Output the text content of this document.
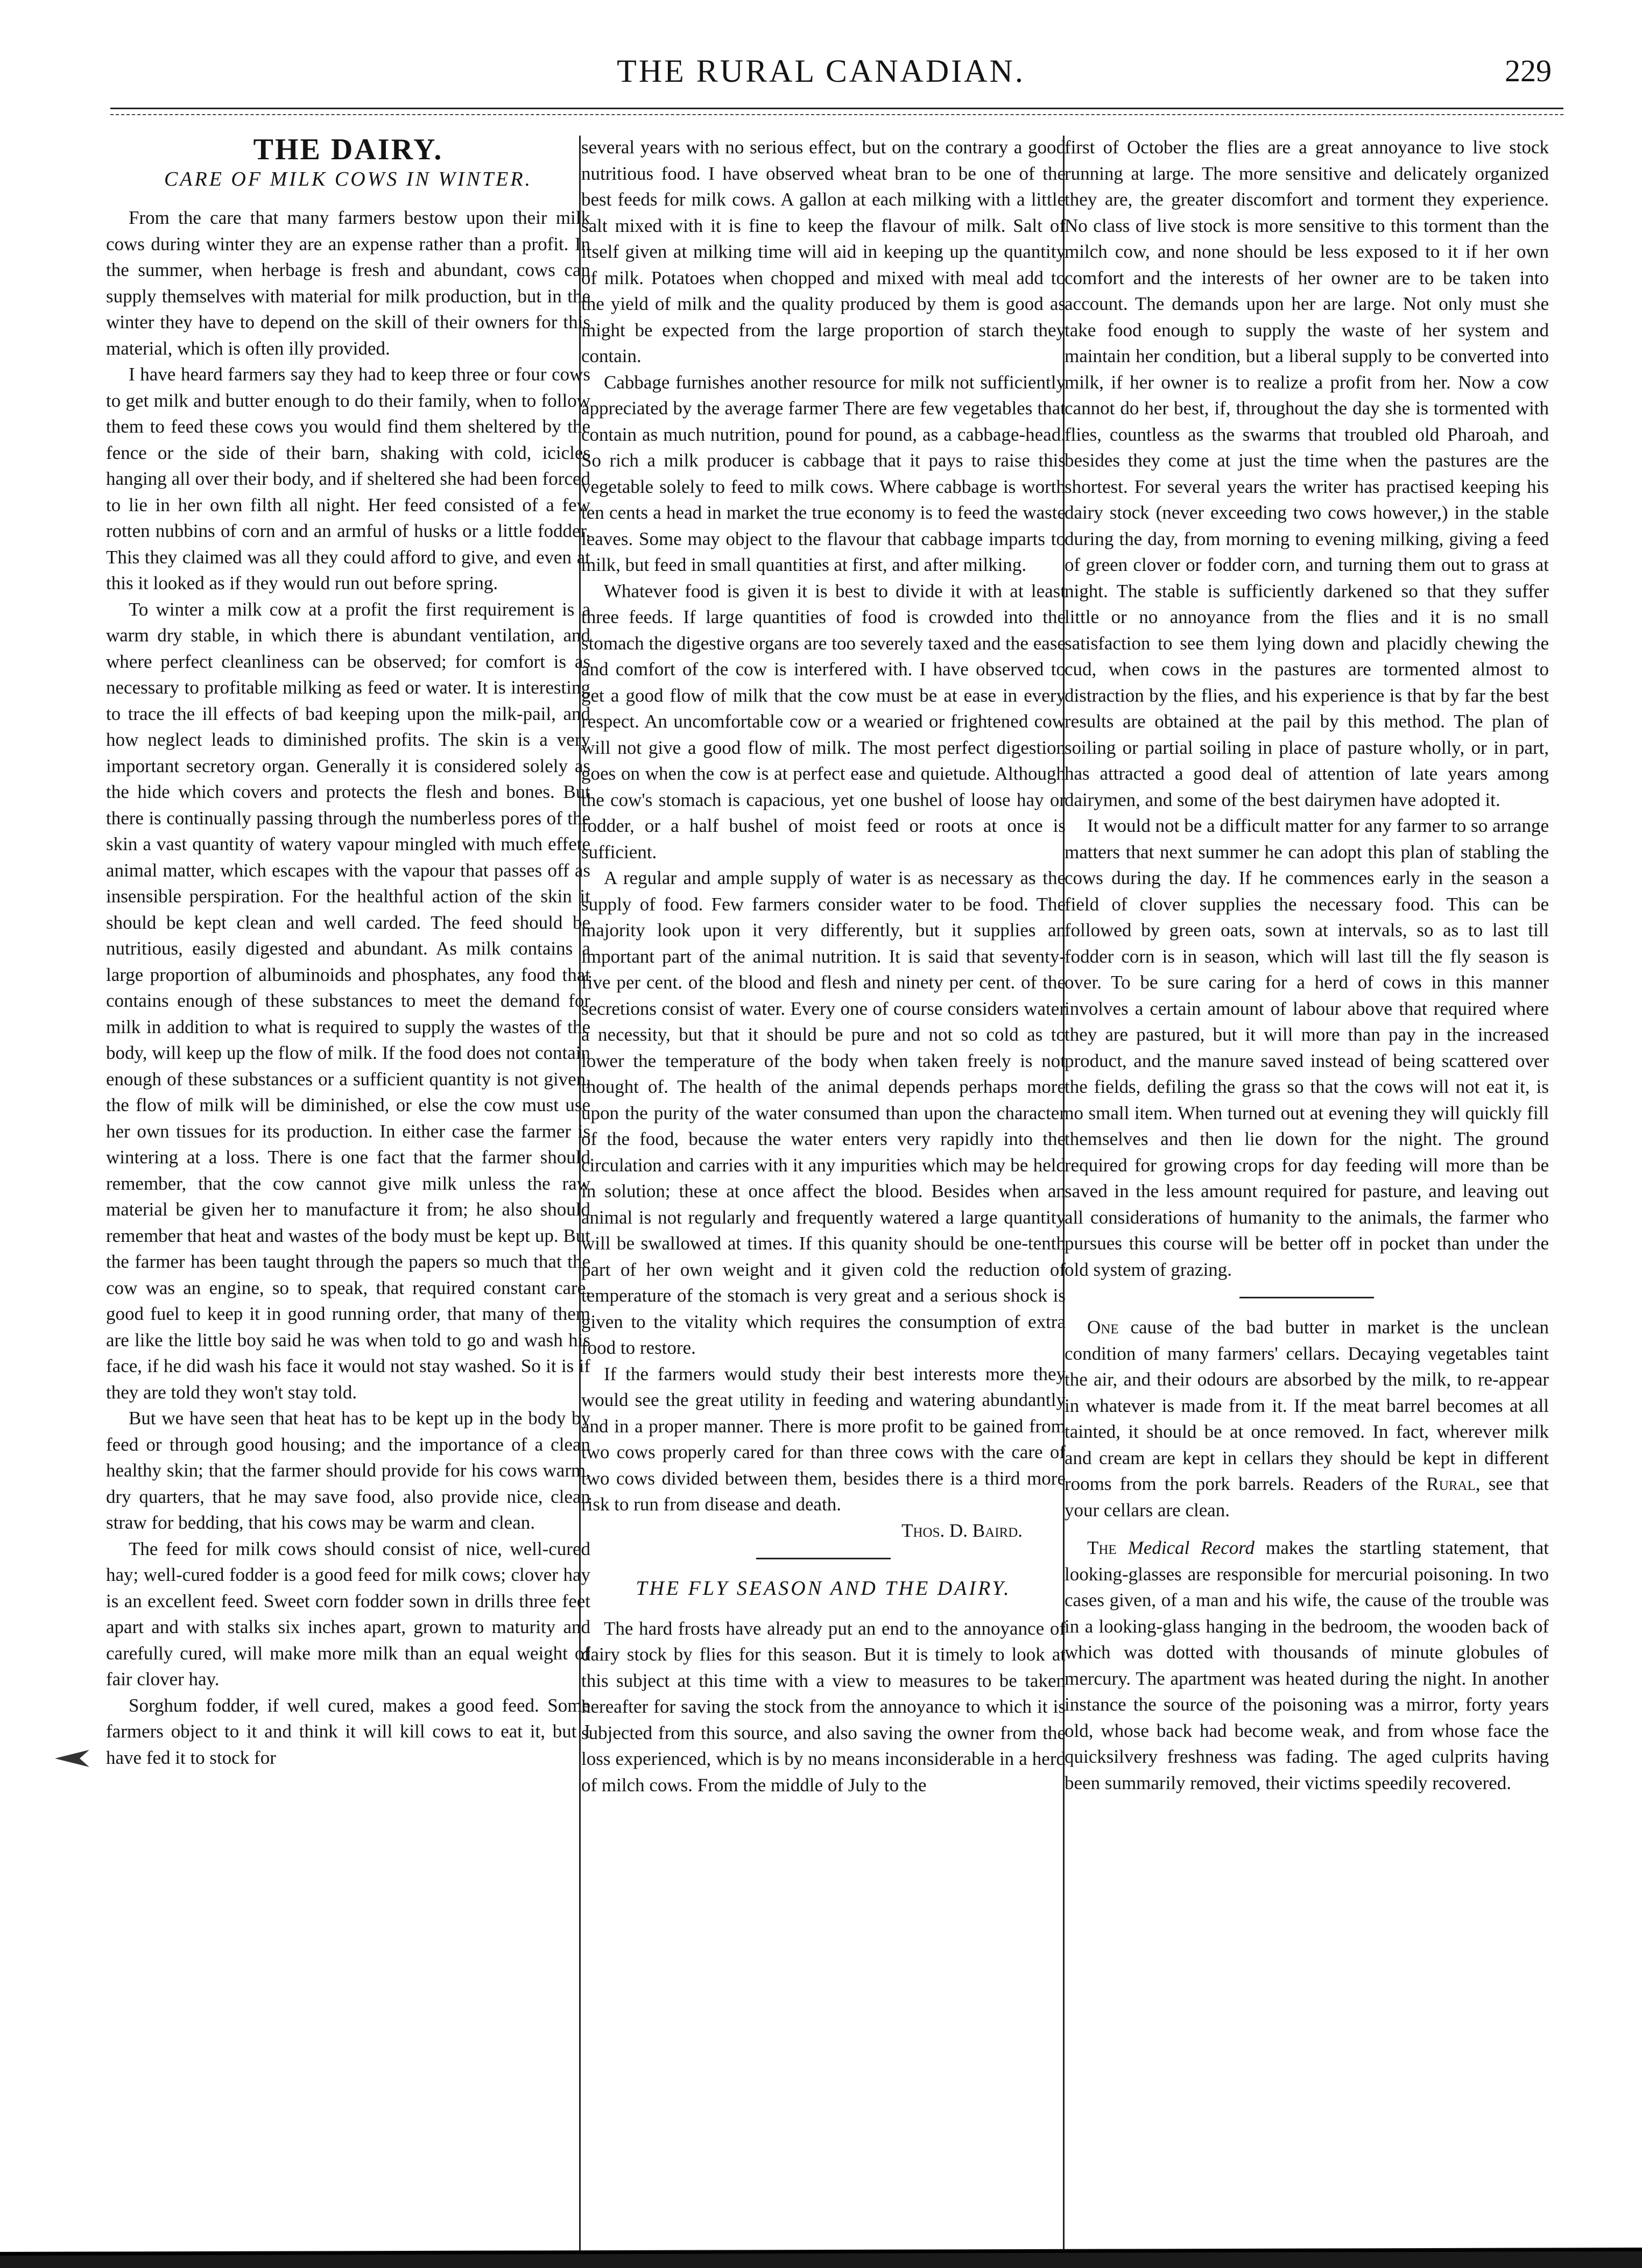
THE RURAL CANADIAN.	229
THE DAIRY.
CARE OF MILK COWS IN WINTER.

From the care that many farmers bestow upon their milk cows during winter they are an expense rather than a profit. In the summer, when herbage is fresh and abundant, cows can supply themselves with material for milk production, but in the winter they have to depend on the skill of their owners for this material, which is often illy provided.

I have heard farmers say they had to keep three or four cows to get milk and butter enough to do their family, when to follow them to feed these cows you would find them sheltered by the fence or the side of their barn, shaking with cold, icicles hanging all over their body, and if sheltered she had been forced to lie in her own filth all night. Her feed consisted of a few rotten nubbins of corn and an armful of husks or a little fodder. This they claimed was all they could afford to give, and even at this it looked as if they would run out before spring.

To winter a milk cow at a profit the first requirement is a warm dry stable, in which there is abundant ventilation, and where perfect cleanliness can be observed; for comfort is as necessary to profitable milking as feed or water. It is interesting to trace the ill effects of bad keeping upon the milk-pail, and how neglect leads to diminished profits. The skin is a very important secretory organ. Generally it is considered solely as the hide which covers and protects the flesh and bones. But there is continually passing through the numberless pores of the skin a vast quantity of watery vapour mingled with much effete animal matter, which escapes with the vapour that passes off as insensible perspiration. For the healthful action of the skin it should be kept clean and well carded. The feed should be nutritious, easily digested and abundant. As milk contains a large proportion of albuminoids and phosphates, any food that contains enough of these substances to meet the demand for milk in addition to what is required to supply the wastes of the body, will keep up the flow of milk. If the food does not contain enough of these substances or a sufficient quantity is not given, the flow of milk will be diminished, or else the cow must use her own tissues for its production. In either case the farmer is wintering at a loss. There is one fact that the farmer should remember, that the cow cannot give milk unless the raw material be given her to manufacture it from; he also should remember that heat and wastes of the body must be kept up. But the farmer has been taught through the papers so much that the cow was an engine, so to speak, that required constant care, good fuel to keep it in good running order, that many of them are like the little boy said he was when told to go and wash his face, if he did wash his face it would not stay washed. So it is if they are told they won't stay told.

But we have seen that heat has to be kept up in the body by feed or through good housing; and the importance of a clean healthy skin; that the farmer should provide for his cows warm, dry quarters, that he may save food, also provide nice, clean straw for bedding, that his cows may be warm and clean.

The feed for milk cows should consist of nice, well-cured hay; well-cured fodder is a good feed for milk cows; clover hay is an excellent feed. Sweet corn fodder sown in drills three feet apart and with stalks six inches apart, grown to maturity and carefully cured, will make more milk than an equal weight of fair clover hay.

Sorghum fodder, if well cured, makes a good feed. Some farmers object to it and think it will kill cows to eat it, but I have fed it to stock for

several years with no serious effect, but on the contrary a good nutritious food. I have observed wheat bran to be one of the best feeds for milk cows. A gallon at each milking with a little salt mixed with it is fine to keep the flavour of milk. Salt of itself given at milking time will aid in keeping up the quantity of milk. Potatoes when chopped and mixed with meal add to the yield of milk and the quality produced by them is good as might be expected from the large proportion of starch they contain.

Cabbage furnishes another resource for milk not sufficiently appreciated by the average farmer There are few vegetables that contain as much nutrition, pound for pound, as a cabbage-head. So rich a milk producer is cabbage that it pays to raise this vegetable solely to feed to milk cows. Where cabbage is worth ten cents a head in market the true economy is to feed the waste leaves. Some may object to the flavour that cabbage imparts to milk, but feed in small quantities at first, and after milking.

Whatever food is given it is best to divide it with at least three feeds. If large quantities of food is crowded into the stomach the digestive organs are too severely taxed and the ease and comfort of the cow is interfered with. I have observed to get a good flow of milk that the cow must be at ease in every respect. An uncomfortable cow or a wearied or frightened cow will not give a good flow of milk. The most perfect digestion goes on when the cow is at perfect ease and quietude. Although the cow's stomach is capacious, yet one bushel of loose hay or fodder, or a half bushel of moist feed or roots at once is sufficient.

A regular and ample supply of water is as necessary as the supply of food. Few farmers consider water to be food. The majority look upon it very differently, but it supplies an important part of the animal nutrition. It is said that seventy-five per cent. of the blood and flesh and ninety per cent. of the secretions consist of water. Every one of course considers water a necessity, but that it should be pure and not so cold as to lower the temperature of the body when taken freely is not thought of. The health of the animal depends perhaps more upon the purity of the water consumed than upon the character of the food, because the water enters very rapidly into the circulation and carries with it any impurities which may be held in solution; these at once affect the blood. Besides when an animal is not regularly and frequently watered a large quantity will be swallowed at times. If this quanity should be one-tenth part of her own weight and it given cold the reduction of temperature of the stomach is very great and a serious shock is given to the vitality which requires the consumption of extra food to restore.

If the farmers would study their best interests more they would see the great utility in feeding and watering abundantly and in a proper manner. There is more profit to be gained from two cows properly cared for than three cows with the care of two cows divided between them, besides there is a third more risk to run from disease and death.

Thos. D. Baird.

THE FLY SEASON AND THE DAIRY.

The hard frosts have already put an end to the annoyance of dairy stock by flies for this season. But it is timely to look at this subject at this time with a view to measures to be taken hereafter for saving the stock from the annoyance to which it is subjected from this source, and also saving the owner from the loss experienced, which is by no means inconsiderable in a herd of milch cows. From the middle of July to the

first of October the flies are a great annoyance to live stock running at large. The more sensitive and delicately organized they are, the greater discomfort and torment they experience. No class of live stock is more sensitive to this torment than the milch cow, and none should be less exposed to it if her own comfort and the interests of her owner are to be taken into account. The demands upon her are large. Not only must she take food enough to supply the waste of her system and maintain her condition, but a liberal supply to be converted into milk, if her owner is to realize a profit from her. Now a cow cannot do her best, if, throughout the day she is tormented with flies, countless as the swarms that troubled old Pharoah, and besides they come at just the time when the pastures are the shortest. For several years the writer has practised keeping his dairy stock (never exceeding two cows however,) in the stable during the day, from morning to evening milking, giving a feed of green clover or fodder corn, and turning them out to grass at night. The stable is sufficiently darkened so that they suffer little or no annoyance from the flies and it is no small satisfaction to see them lying down and placidly chewing the cud, when cows in the pastures are tormented almost to distraction by the flies, and his experience is that by far the best results are obtained at the pail by this method. The plan of soiling or partial soiling in place of pasture wholly, or in part, has attracted a good deal of attention of late years among dairymen, and some of the best dairymen have adopted it.

It would not be a difficult matter for any farmer to so arrange matters that next summer he can adopt this plan of stabling the cows during the day. If he commences early in the season a field of clover supplies the necessary food. This can be followed by green oats, sown at intervals, so as to last till fodder corn is in season, which will last till the fly season is over. To be sure caring for a herd of cows in this manner involves a certain amount of labour above that required where they are pastured, but it will more than pay in the increased product, and the manure saved instead of being scattered over the fields, defiling the grass so that the cows will not eat it, is no small item. When turned out at evening they will quickly fill themselves and then lie down for the night. The ground required for growing crops for day feeding will more than be saved in the less amount required for pasture, and leaving out all considerations of humanity to the animals, the farmer who pursues this course will be better off in pocket than under the old system of grazing.

One cause of the bad butter in market is the unclean condition of many farmers' cellars. Decaying vegetables taint the air, and their odours are absorbed by the milk, to re-appear in whatever is made from it. If the meat barrel becomes at all tainted, it should be at once removed. In fact, wherever milk and cream are kept in cellars they should be kept in different rooms from the pork barrels. Readers of the Rural, see that your cellars are clean.

The Medical Record makes the startling statement, that looking-glasses are responsible for mercurial poisoning. In two cases given, of a man and his wife, the cause of the trouble was in a looking-glass hanging in the bedroom, the wooden back of which was dotted with thousands of minute globules of mercury. The apartment was heated during the night. In another instance the source of the poisoning was a mirror, forty years old, whose back had become weak, and from whose face the quicksilvery freshness was fading. The aged culprits having been summarily removed, their victims speedily recovered.
